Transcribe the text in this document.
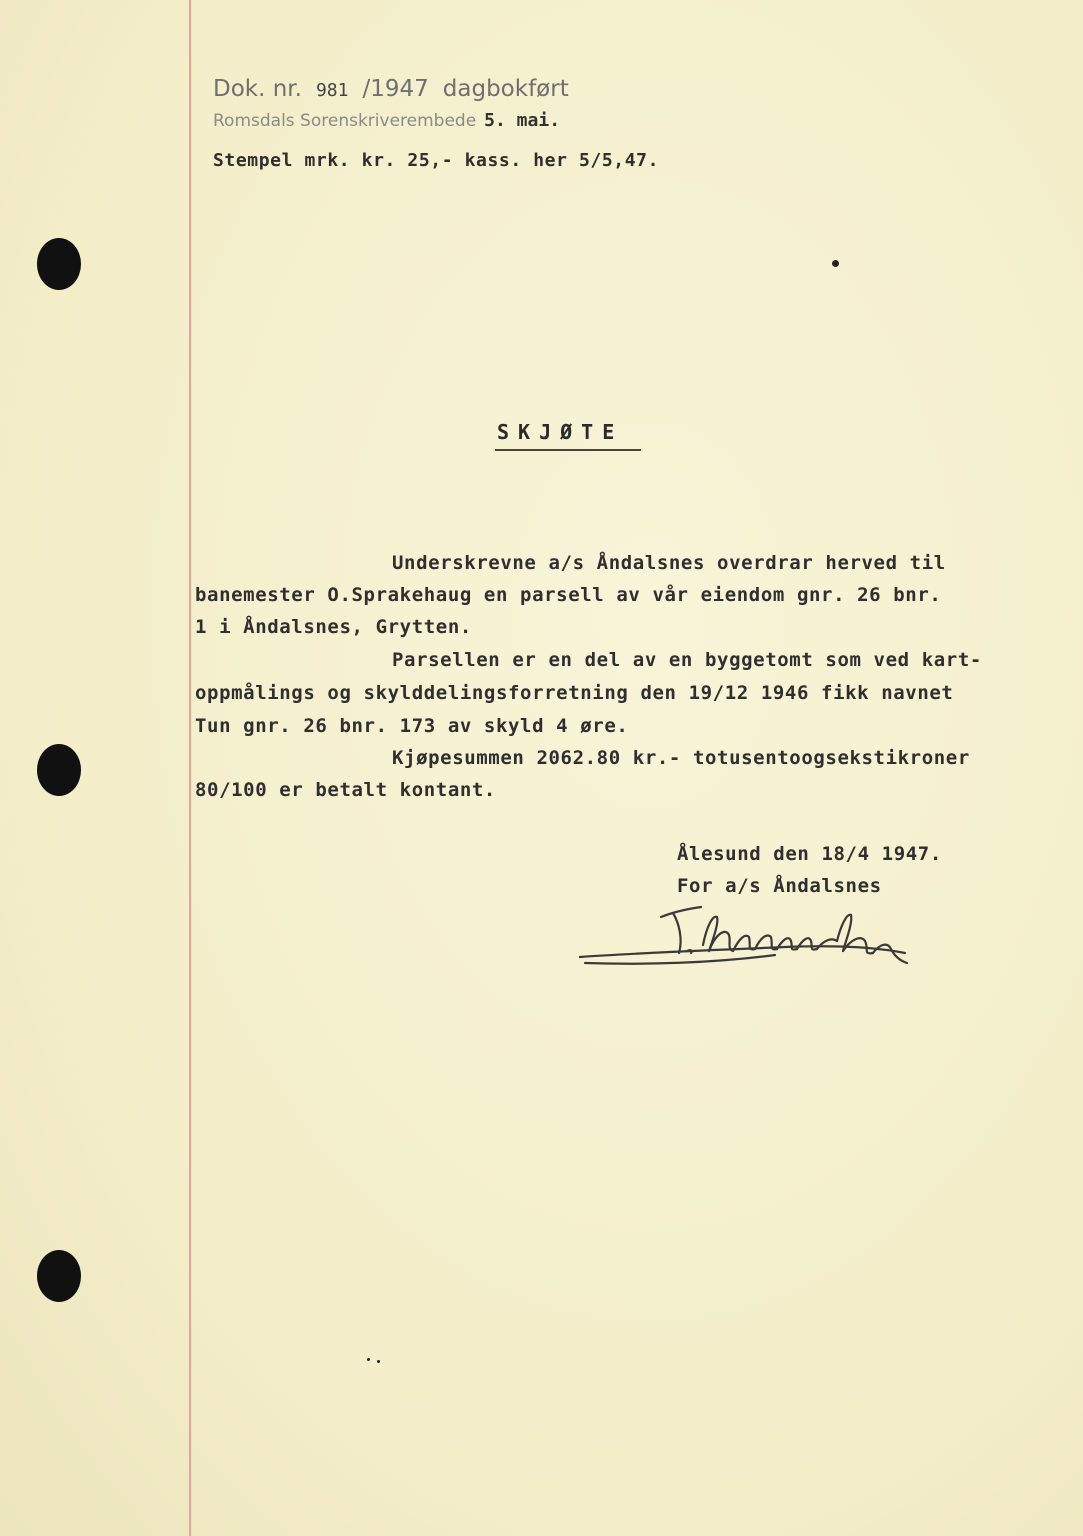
Dok. nr. 981 /1947 dagbokført
Romsdals Sorenskriverembede 5. mai.
Stempel mrk. kr. 25,- kass. her 5/5,47.
SKJØTE
Underskrevne a/s Åndalsnes overdrar herved til
banemester O.Sprakehaug en parsell av vår eiendom gnr. 26 bnr.
1 i Åndalsnes, Grytten.
Parsellen er en del av en byggetomt som ved kart-
oppmålings og skylddelingsforretning den 19/12 1946 fikk navnet
Tun gnr. 26 bnr. 173 av skyld 4 øre.
Kjøpesummen 2062.80 kr.- totusentoogsekstikroner
80/100 er betalt kontant.
Ålesund den 18/4 1947.
For a/s Åndalsnes
